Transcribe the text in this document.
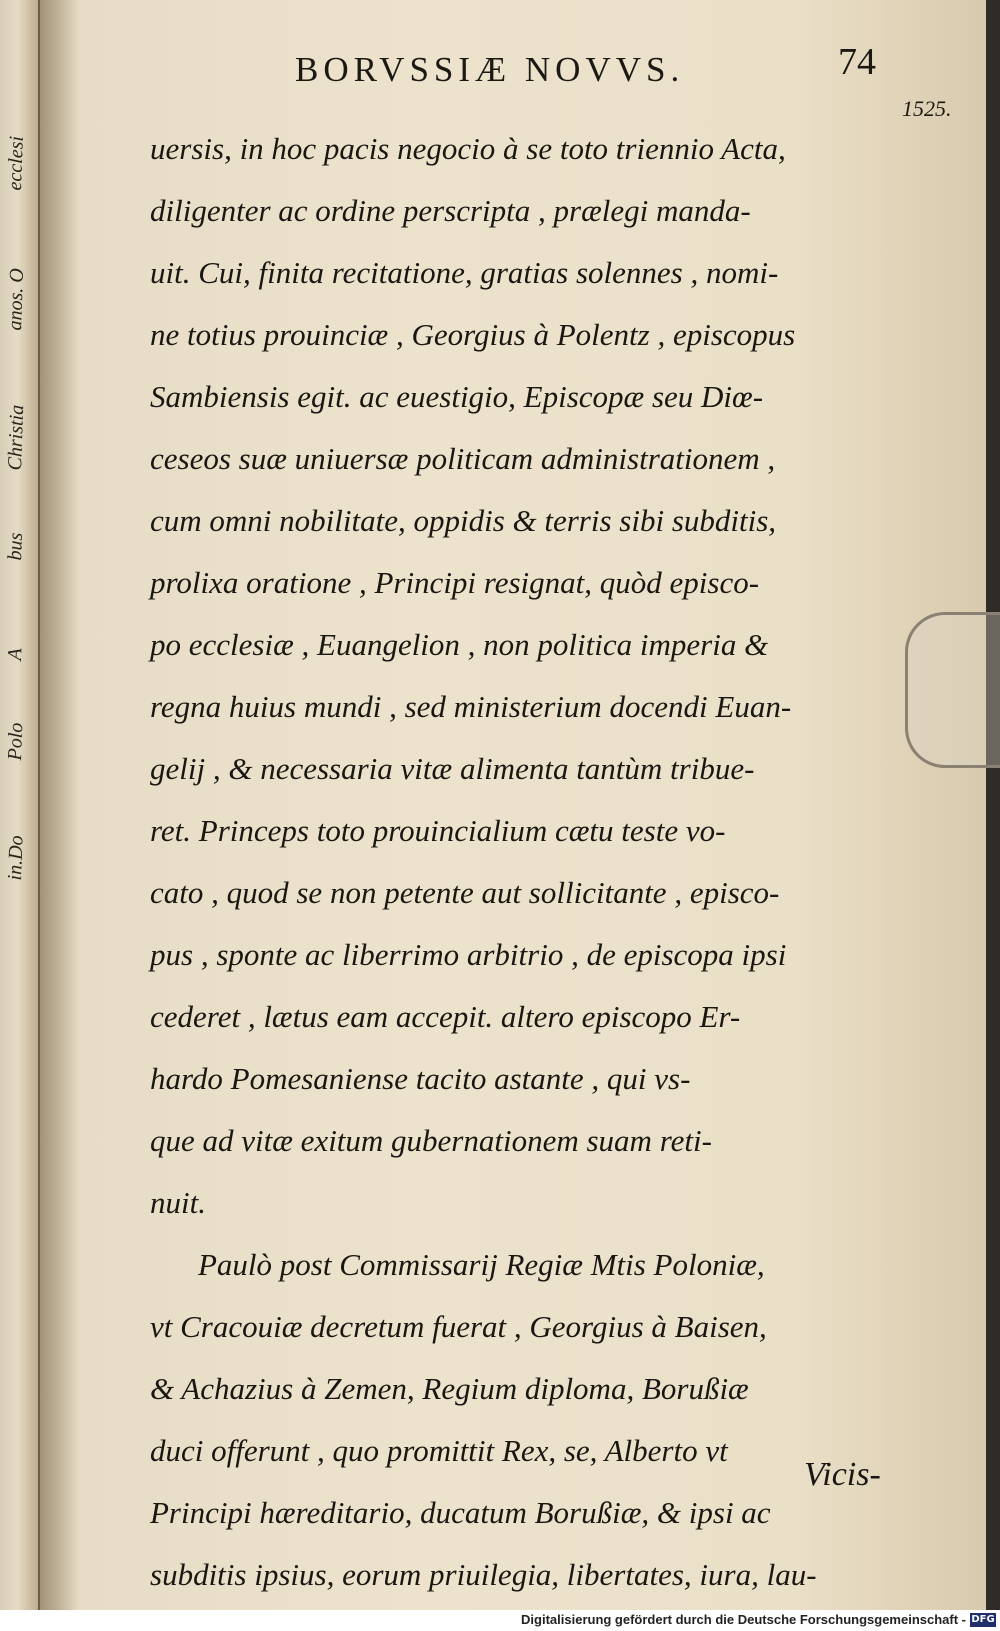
ecclesi
anos. O
Christia
bus
A
Polo
in.Do
BORVSSIÆ NOVVS.	74
1525.
uersis, in hoc pacis negocio à se toto triennio Acta,
diligenter ac ordine perscripta , prælegi manda-
uit. Cui, finita recitatione, gratias solennes , nomi-
ne totius prouinciæ , Georgius à Polentz , episcopus
Sambiensis egit. ac euestigio, Episcopæ seu Diœ-
ceseos suæ uniuersæ politicam administrationem ,
cum omni nobilitate, oppidis & terris sibi subditis,
prolixa oratione , Principi resignat, quòd episco-
po ecclesiæ , Euangelion , non politica imperia &
regna huius mundi , sed ministerium docendi Euan-
gelij , & necessaria vitæ alimenta tantùm tribue-
ret. Princeps toto prouincialium cætu teste vo-
cato , quod se non petente aut sollicitante , episco-
pus , sponte ac liberrimo arbitrio , de episcopa ipsi
cederet , lætus eam accepit. altero episcopo Er-
hardo Pomesaniense tacito astante , qui vs-
que ad vitæ exitum gubernationem suam reti-
nuit.
Paulò post Commissarij Regiæ Mtis Poloniæ,
vt Cracouiæ decretum fuerat , Georgius à Baisen,
& Achazius à Zemen, Regium diploma, Borußiæ
duci offerunt , quo promittit Rex, se, Alberto vt
Principi hæreditario, ducatum Borußiæ, & ipsi ac
subditis ipsius, eorum priuilegia, libertates, iura, lau-
Vicis-
Digitalisierung gefördert durch die Deutsche Forschungsgemeinschaft - DFG
